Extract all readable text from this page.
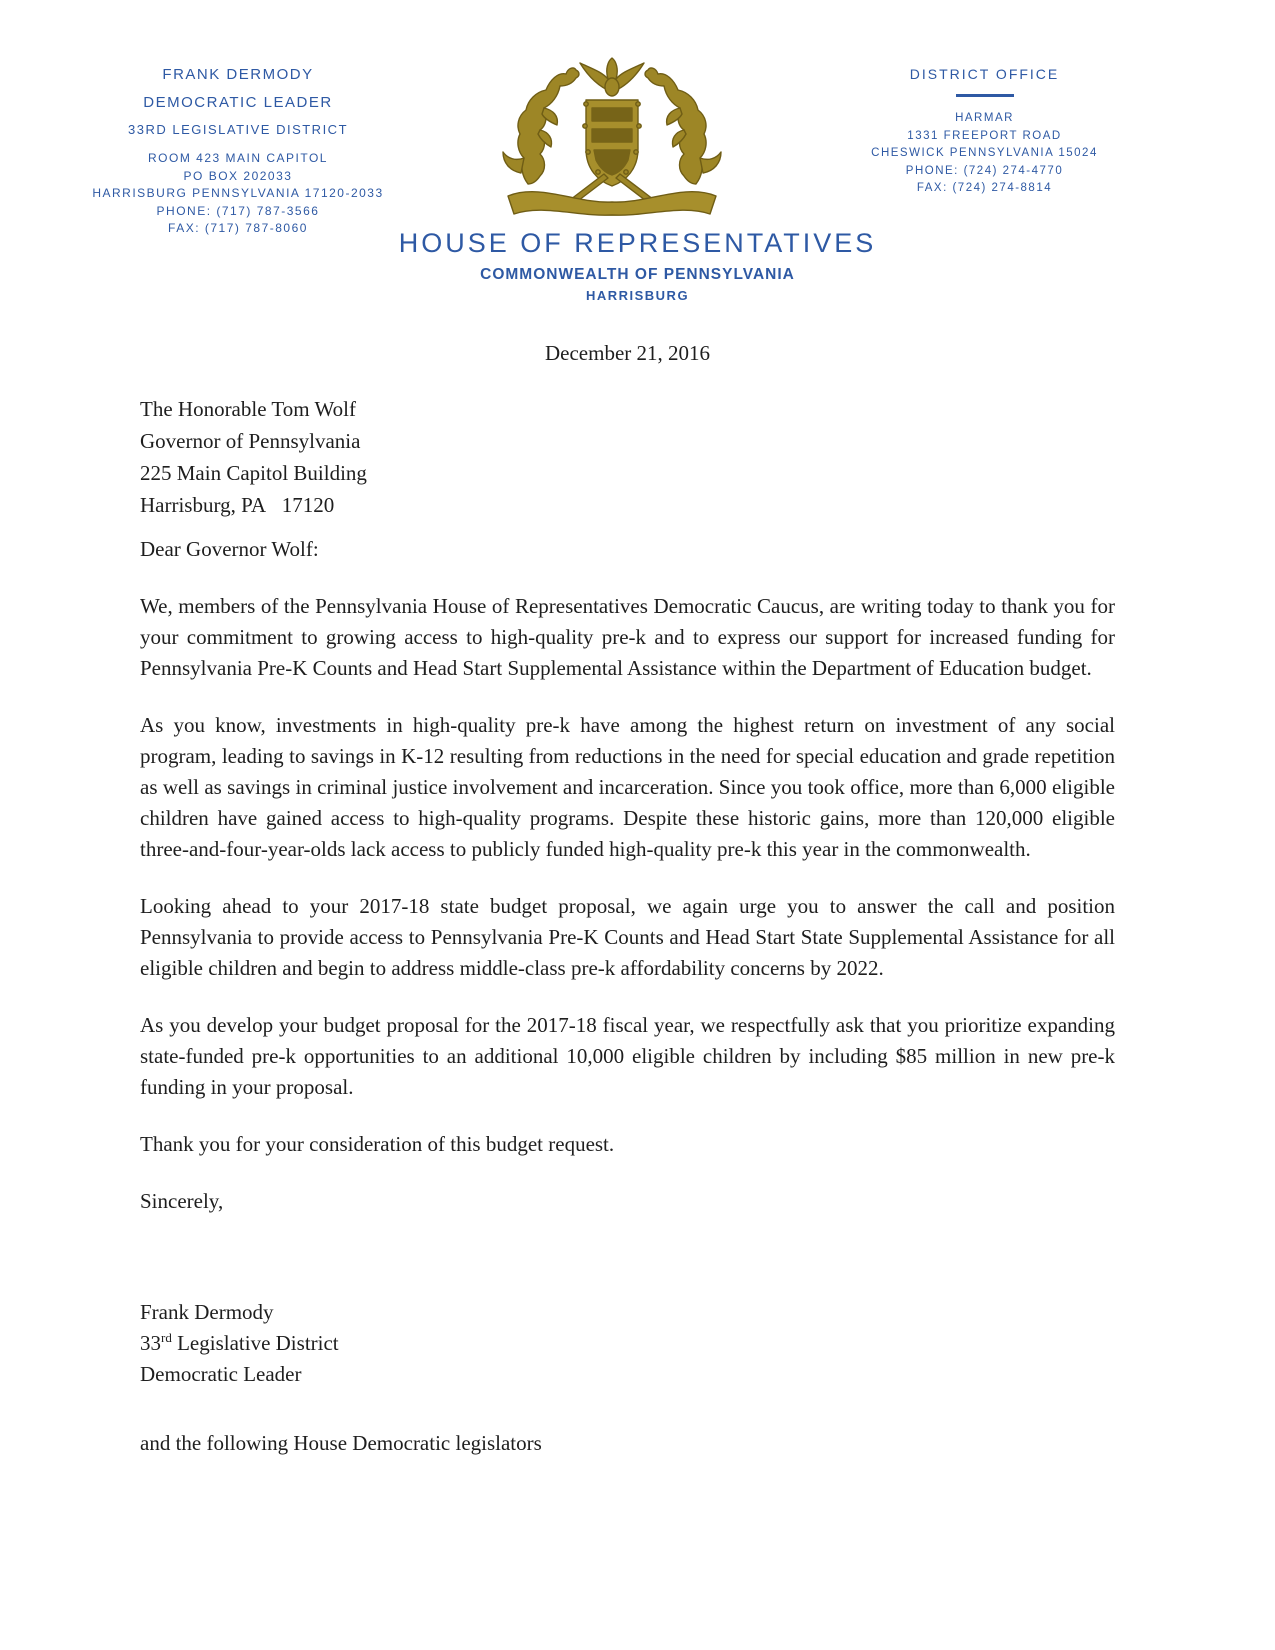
FRANK DERMODY

DEMOCRATIC LEADER

33RD LEGISLATIVE DISTRICT

ROOM 423 MAIN CAPITOL

PO BOX 202033

HARRISBURG PENNSYLVANIA 17120-2033

PHONE: (717) 787-3566

FAX: (717) 787-8060

DISTRICT OFFICE

HARMAR

1331 FREEPORT ROAD

CHESWICK PENNSYLVANIA 15024

PHONE: (724) 274-4770

FAX: (724) 274-8814

HOUSE OF REPRESENTATIVES

COMMONWEALTH OF PENNSYLVANIA

HARRISBURG

December 21, 2016

The Honorable Tom Wolf

Governor of Pennsylvania

225 Main Capitol Building

Harrisburg, PA   17120

Dear Governor Wolf:

We, members of the Pennsylvania House of Representatives Democratic Caucus, are writing today to thank you for your commitment to growing access to high-quality pre-k and to express our support for increased funding for Pennsylvania Pre-K Counts and Head Start Supplemental Assistance within the Department of Education budget.

As you know, investments in high-quality pre-k have among the highest return on investment of any social program, leading to savings in K-12 resulting from reductions in the need for special education and grade repetition as well as savings in criminal justice involvement and incarceration. Since you took office, more than 6,000 eligible children have gained access to high-quality programs. Despite these historic gains, more than 120,000 eligible three-and-four-year-olds lack access to publicly funded high-quality pre-k this year in the commonwealth.

Looking ahead to your 2017-18 state budget proposal, we again urge you to answer the call and position Pennsylvania to provide access to Pennsylvania Pre-K Counts and Head Start State Supplemental Assistance for all eligible children and begin to address middle-class pre-k affordability concerns by 2022.

As you develop your budget proposal for the 2017-18 fiscal year, we respectfully ask that you prioritize expanding state-funded pre-k opportunities to an additional 10,000 eligible children by including $85 million in new pre-k funding in your proposal.

Thank you for your consideration of this budget request.

Sincerely,

Frank Dermody

33rd Legislative District

Democratic Leader

and the following House Democratic legislators
